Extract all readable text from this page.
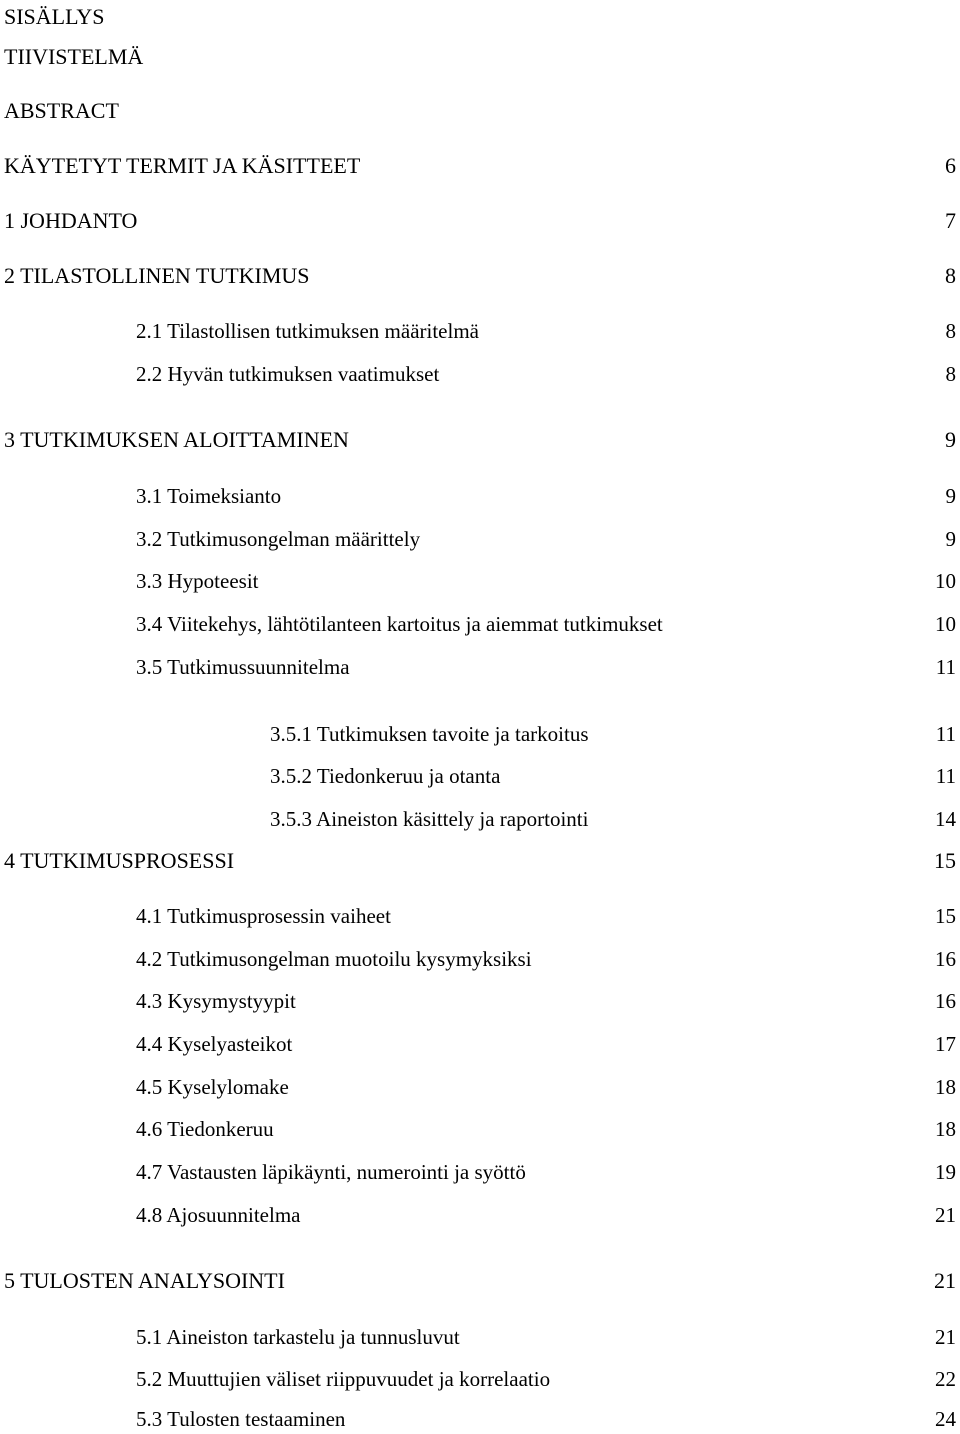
SISÄLLYS
TIIVISTELMÄ
ABSTRACT
KÄYTETYT TERMIT JA KÄSITTEET	6
1 JOHDANTO	7
2 TILASTOLLINEN TUTKIMUS	8
2.1 Tilastollisen tutkimuksen määritelmä	8
2.2 Hyvän tutkimuksen vaatimukset	8
3 TUTKIMUKSEN ALOITTAMINEN	9
3.1 Toimeksianto	9
3.2 Tutkimusongelman määrittely	9
3.3 Hypoteesit	10
3.4 Viitekehys, lähtötilanteen kartoitus ja aiemmat tutkimukset	10
3.5 Tutkimussuunnitelma	11
3.5.1 Tutkimuksen tavoite ja tarkoitus	11
3.5.2 Tiedonkeruu ja otanta	11
3.5.3 Aineiston käsittely ja raportointi	14
4 TUTKIMUSPROSESSI	15
4.1 Tutkimusprosessin vaiheet	15
4.2 Tutkimusongelman muotoilu kysymyksiksi	16
4.3 Kysymystyypit	16
4.4 Kyselyasteikot	17
4.5 Kyselylomake	18
4.6 Tiedonkeruu	18
4.7 Vastausten läpikäynti, numerointi ja syöttö	19
4.8 Ajosuunnitelma	21
5 TULOSTEN ANALYSOINTI	21
5.1 Aineiston tarkastelu ja tunnusluvut	21
5.2 Muuttujien väliset riippuvuudet ja korrelaatio	22
5.3 Tulosten testaaminen	24
